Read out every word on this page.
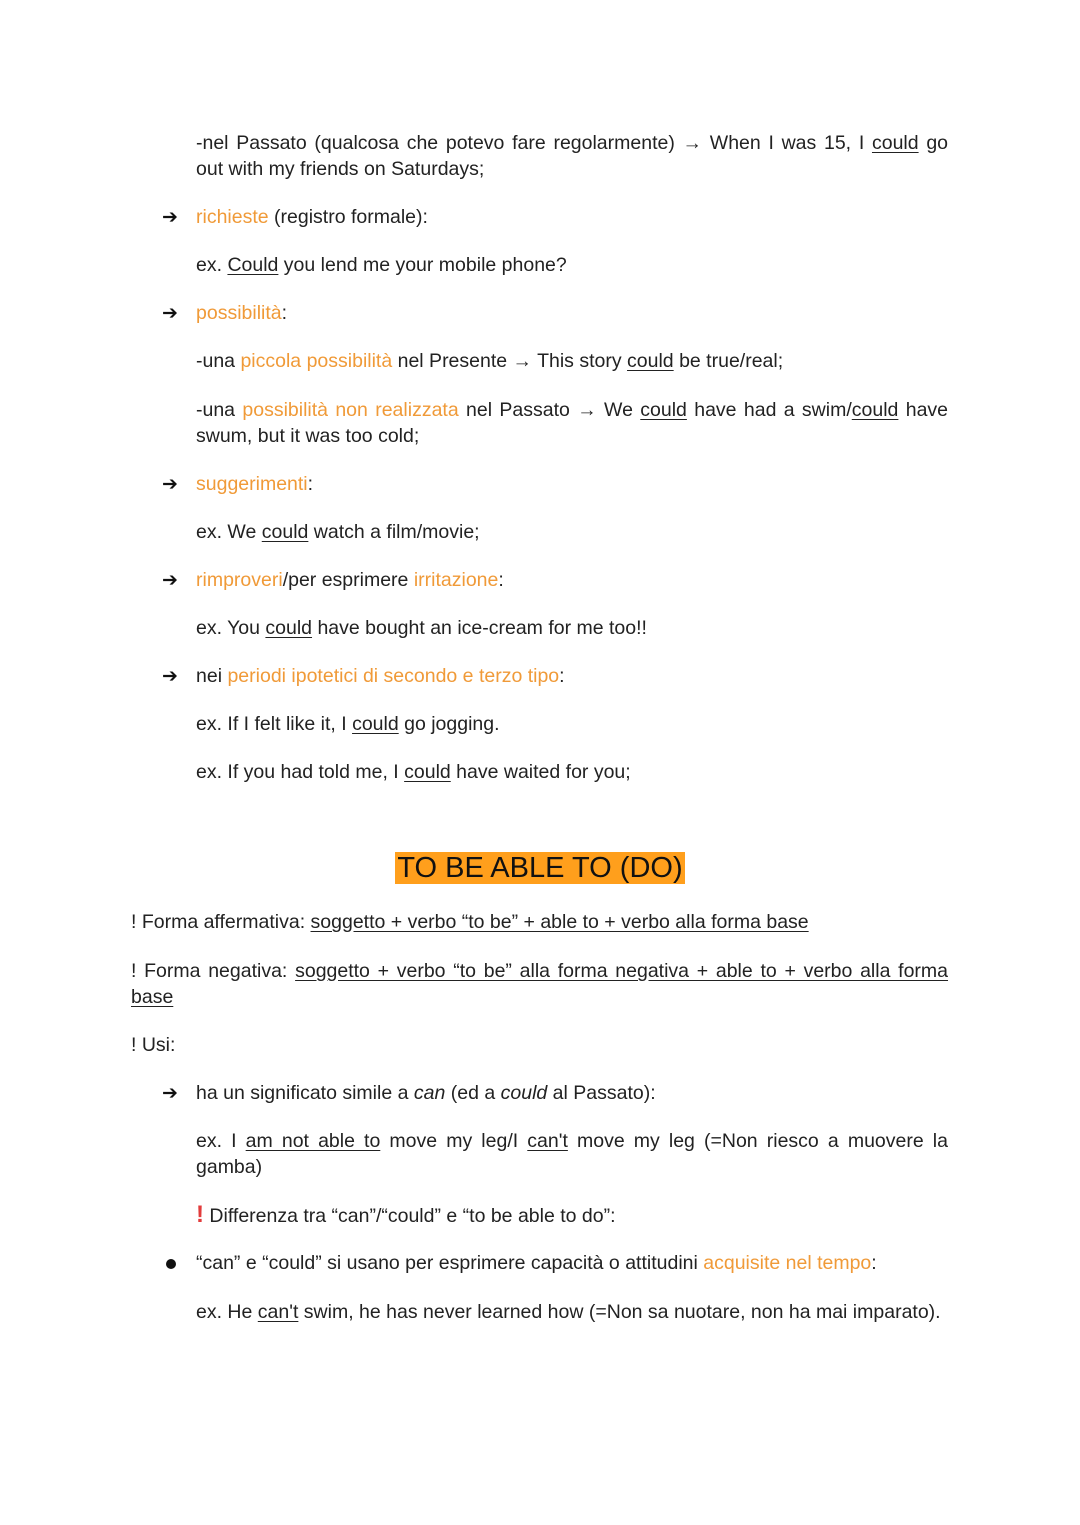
-nel Passato (qualcosa che potevo fare regolarmente) → When I was 15, I could go out with my friends on Saturdays;
➔ richieste (registro formale):
ex. Could you lend me your mobile phone?
➔ possibilità:
-una piccola possibilità nel Presente → This story could be true/real;
-una possibilità non realizzata nel Passato → We could have had a swim/could have swum, but it was too cold;
➔ suggerimenti:
ex. We could watch a film/movie;
➔ rimproveri/per esprimere irritazione:
ex. You could have bought an ice-cream for me too!!
➔ nei periodi ipotetici di secondo e terzo tipo:
ex. If I felt like it, I could go jogging.
ex. If you had told me, I could have waited for you;
TO BE ABLE TO (DO)
! Forma affermativa: soggetto + verbo “to be” + able to + verbo alla forma base
! Forma negativa: soggetto + verbo “to be” alla forma negativa + able to + verbo alla forma base
! Usi:
➔ ha un significato simile a can (ed a could al Passato):
ex. I am not able to move my leg/I can't move my leg (=Non riesco a muovere la gamba)
! Differenza tra “can”/“could” e “to be able to do”:
“can” e “could” si usano per esprimere capacità o attitudini acquisite nel tempo:
ex. He can't swim, he has never learned how (=Non sa nuotare, non ha mai imparato).
